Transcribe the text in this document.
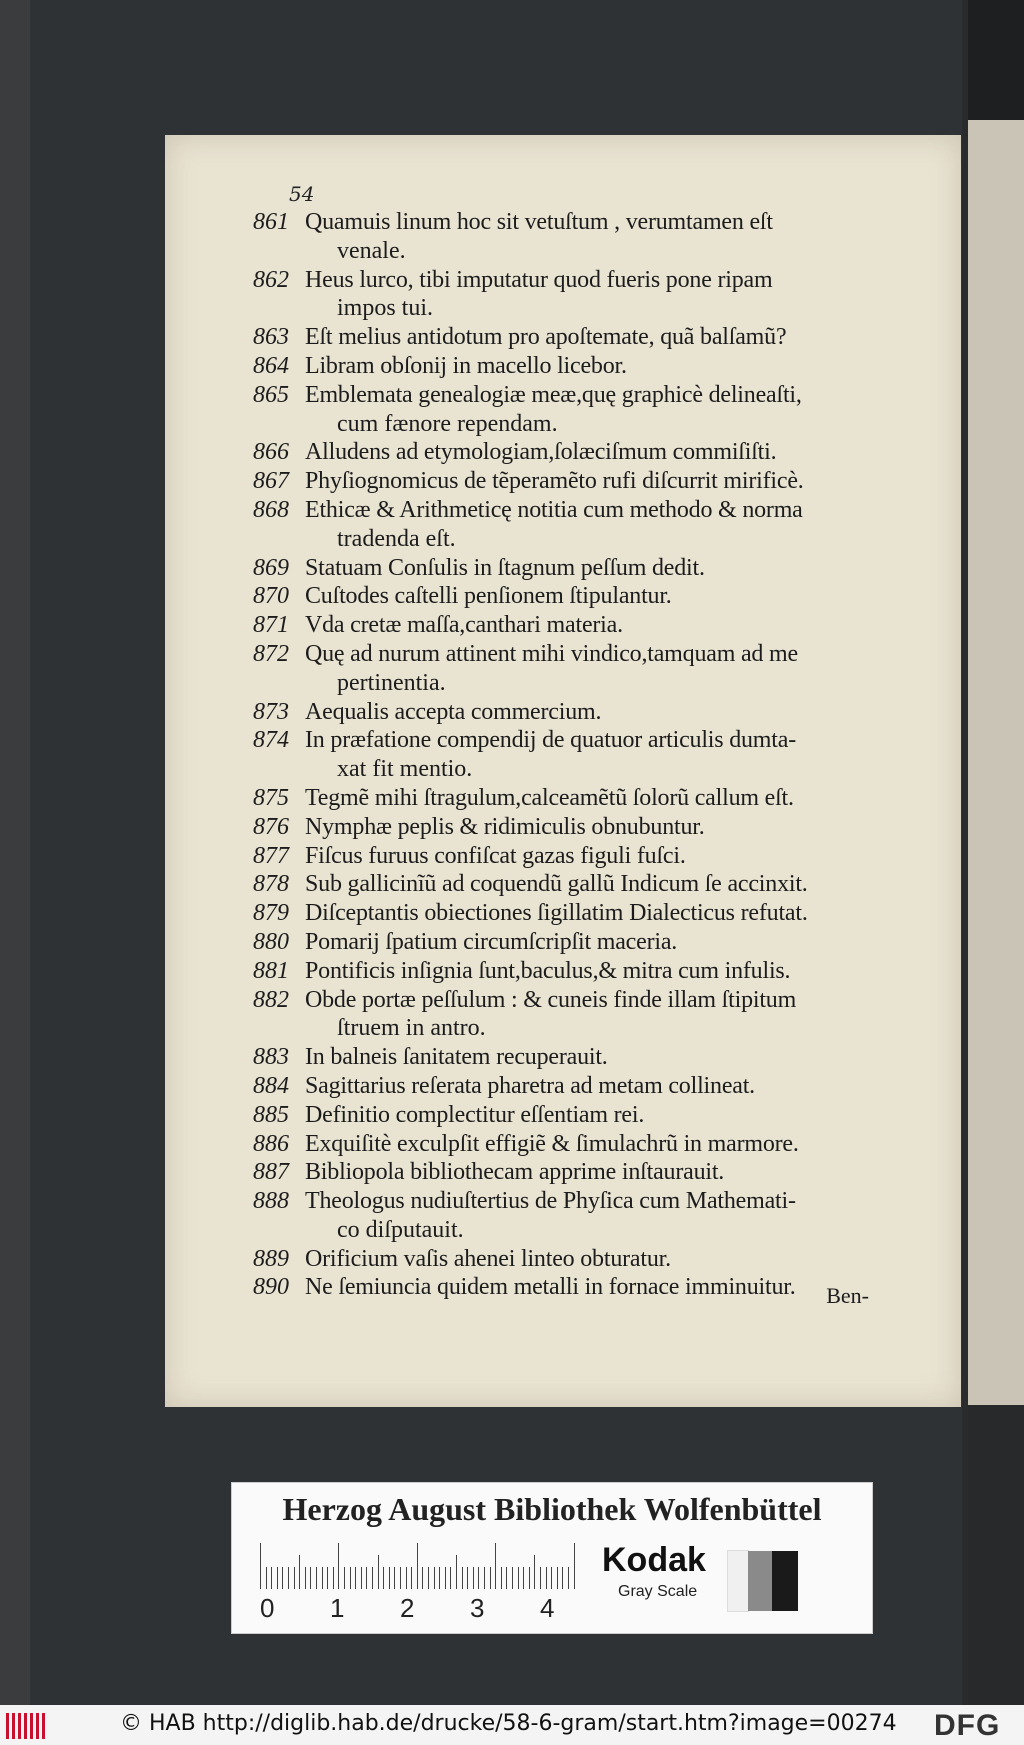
54
861 Quamuis linum hoc sit vetuſtum , verumtamen eſt
venale.
862 Heus lurco, tibi imputatur quod fueris pone ripam
impos tui.
863 Eſt melius antidotum pro apoſtemate, quã balſamũ?
864 Libram obſonij in macello licebor.
865 Emblemata genealogiæ meæ,quę graphicè delineaſti,
cum fænore rependam.
866 Alludens ad etymologiam,ſolæciſmum commiſiſti.
867 Phyſiognomicus de tẽperamẽto rufi diſcurrit mirificè.
868 Ethicæ & Arithmeticę notitia cum methodo & norma
tradenda eſt.
869 Statuam Conſulis in ſtagnum peſſum dedit.
870 Cuſtodes caſtelli penſionem ſtipulantur.
871 Vda cretæ maſſa,canthari materia.
872 Quę ad nurum attinent mihi vindico,tamquam ad me
pertinentia.
873 Aequalis accepta commercium.
874 In præfatione compendij de quatuor articulis dumta-
xat fit mentio.
875 Tegmẽ mihi ſtragulum,calceamẽtũ ſolorũ callum eſt.
876 Nymphæ peplis & ridimiculis obnubuntur.
877 Fiſcus furuus confiſcat gazas figuli fuſci.
878 Sub gallicinĩũ ad coquendũ gallũ Indicum ſe accinxit.
879 Diſceptantis obiectiones ſigillatim Dialecticus refutat.
880 Pomarij ſpatium circumſcripſit maceria.
881 Pontificis inſignia ſunt,baculus,& mitra cum infulis.
882 Obde portæ peſſulum : & cuneis finde illam ſtipitum
ſtruem in antro.
883 In balneis ſanitatem recuperauit.
884 Sagittarius reſerata pharetra ad metam collineat.
885 Definitio complectitur eſſentiam rei.
886 Exquiſitè exculpſit effigiẽ & ſimulachrũ in marmore.
887 Bibliopola bibliothecam apprime inſtaurauit.
888 Theologus nudiuſtertius de Phyſica cum Mathemati-
co diſputauit.
889 Orificium vaſis ahenei linteo obturatur.
890 Ne ſemiuncia quidem metalli in fornace imminuitur.	Ben-
Herzog August Bibliothek Wolfenbüttel
0 1 2 3 4
Kodak
Gray Scale
© HAB http://diglib.hab.de/drucke/58-6-gram/start.htm?image=00274 DFG
